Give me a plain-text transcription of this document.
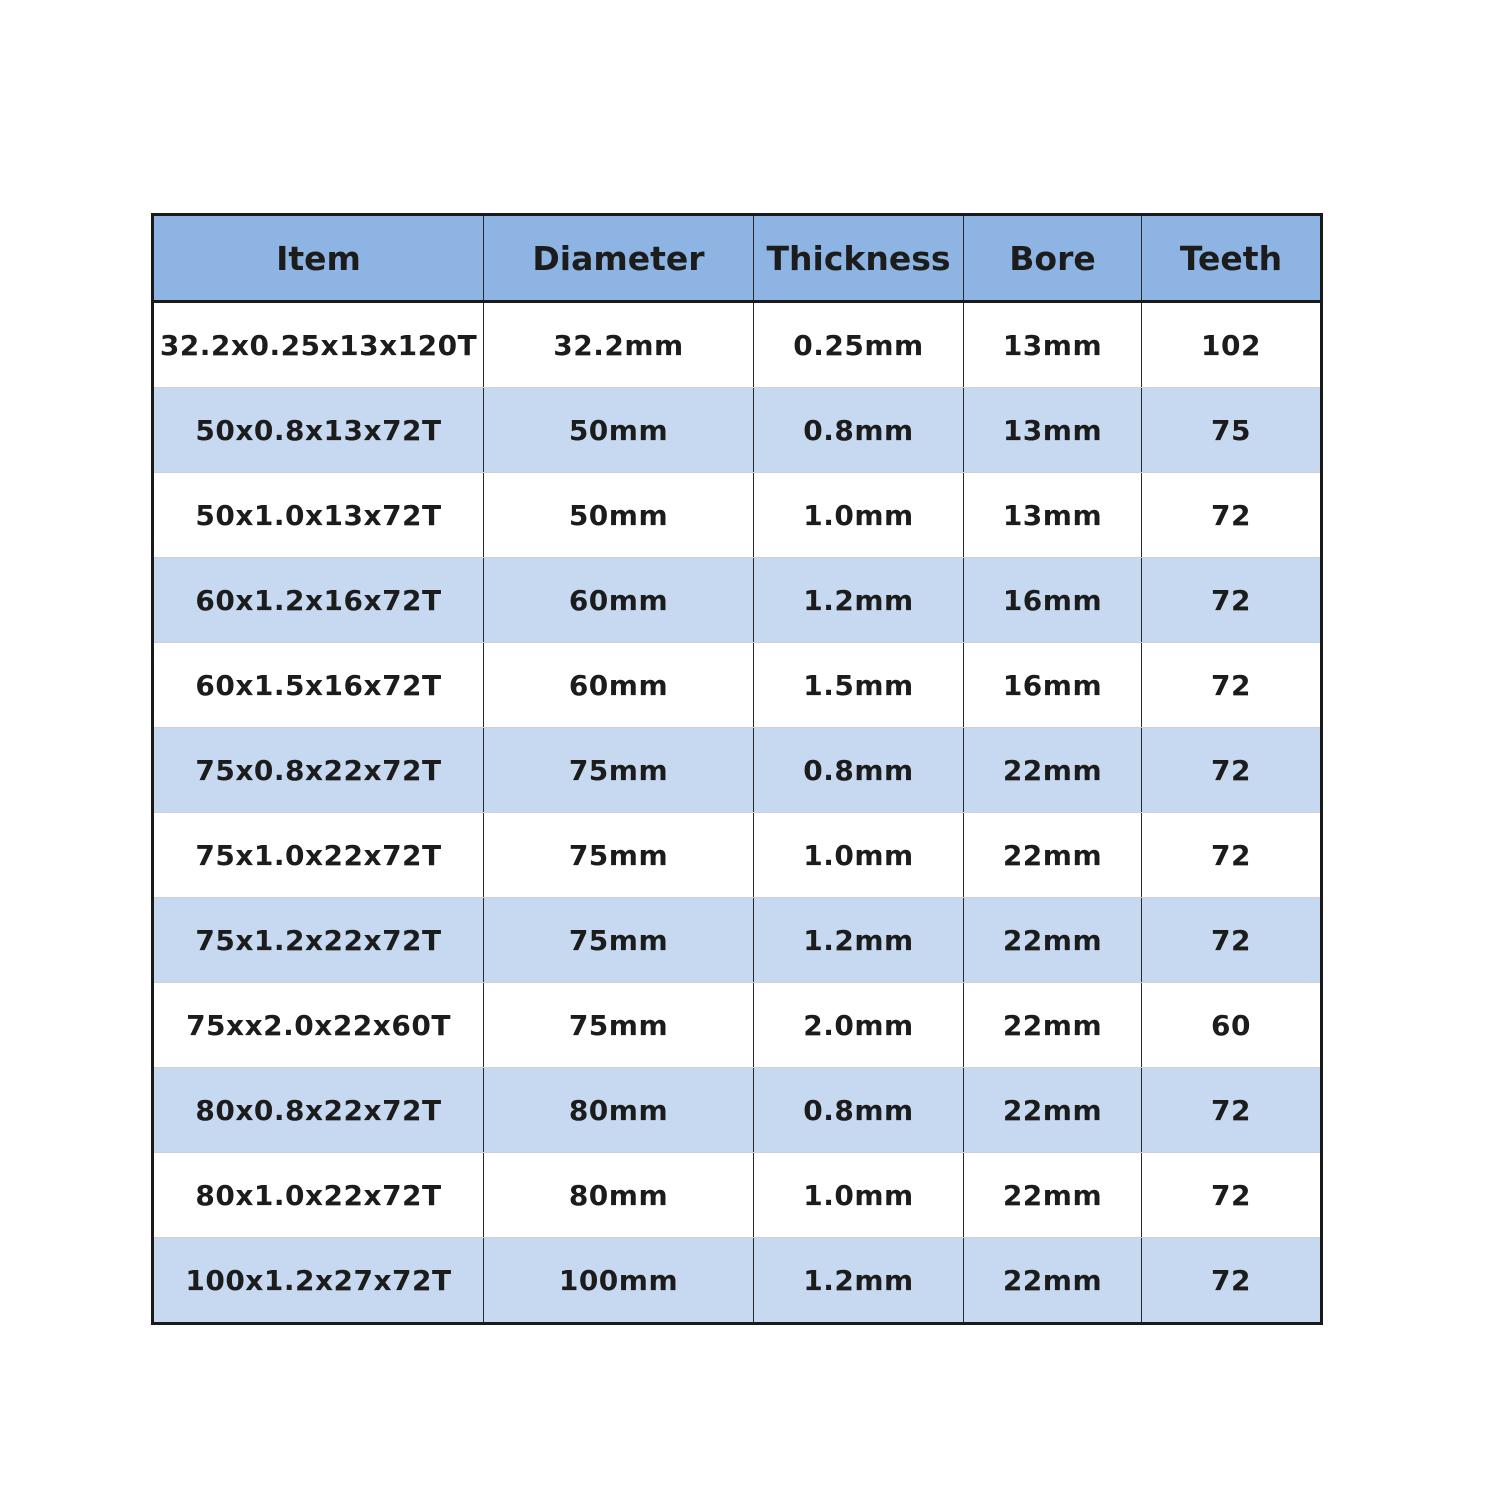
Item	Diameter	Thickness	Bore	Teeth
32.2x0.25x13x120T	32.2mm	0.25mm	13mm	102
50x0.8x13x72T	50mm	0.8mm	13mm	75
50x1.0x13x72T	50mm	1.0mm	13mm	72
60x1.2x16x72T	60mm	1.2mm	16mm	72
60x1.5x16x72T	60mm	1.5mm	16mm	72
75x0.8x22x72T	75mm	0.8mm	22mm	72
75x1.0x22x72T	75mm	1.0mm	22mm	72
75x1.2x22x72T	75mm	1.2mm	22mm	72
75xx2.0x22x60T	75mm	2.0mm	22mm	60
80x0.8x22x72T	80mm	0.8mm	22mm	72
80x1.0x22x72T	80mm	1.0mm	22mm	72
100x1.2x27x72T	100mm	1.2mm	22mm	72
